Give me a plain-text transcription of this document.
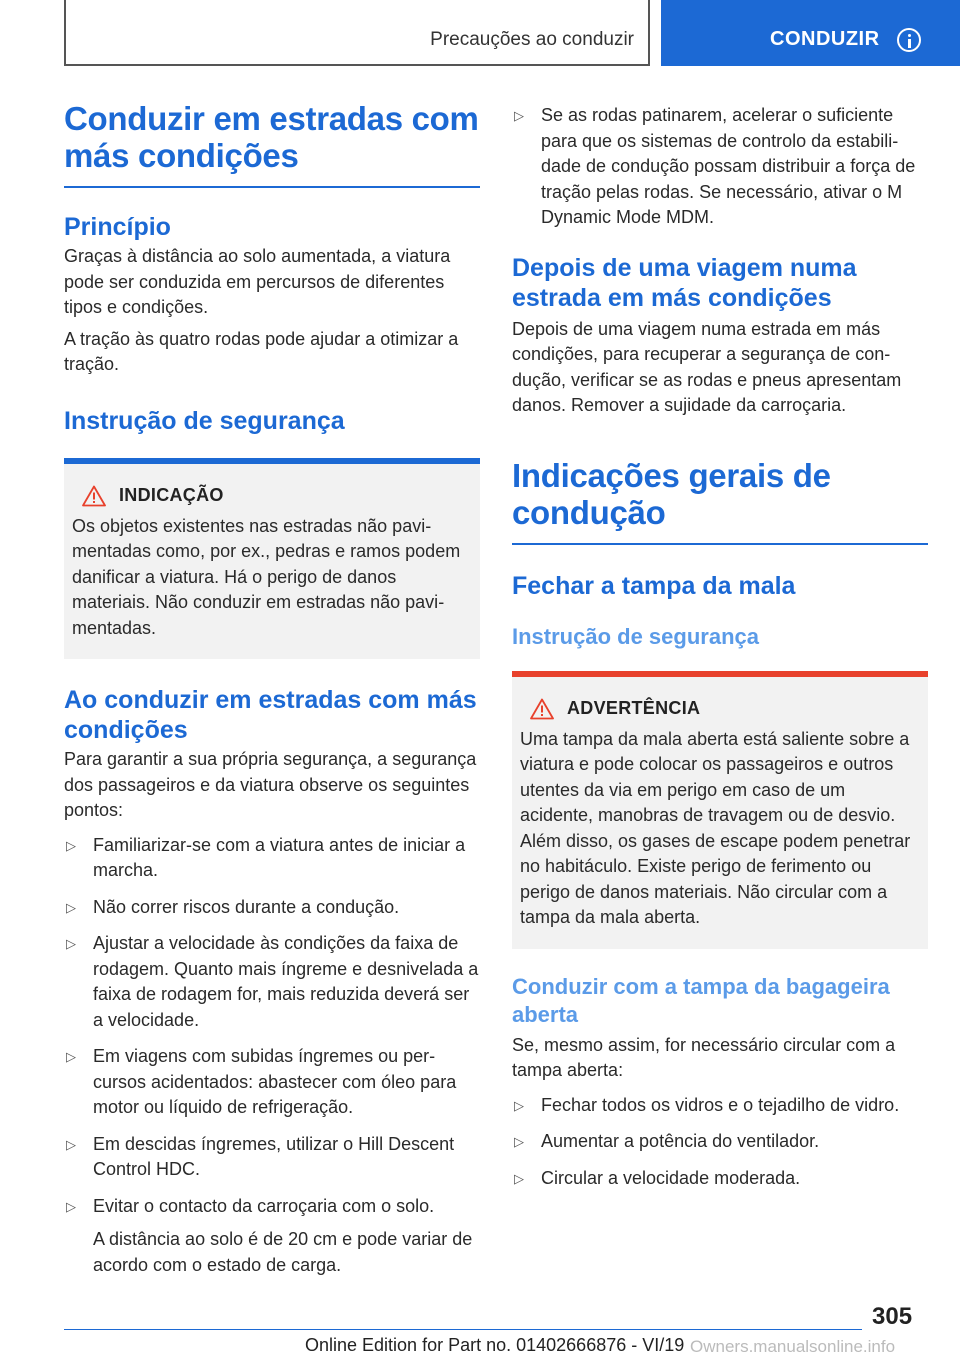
Precauções ao conduzir	CONDUZIR
Conduzir em estradas com más condições
Princípio

Graças à distância ao solo aumentada, a viatura pode ser conduzida em percursos de diferentes tipos e condições.

A tração às quatro rodas pode ajudar a otimizar a tração.

Instrução de segurança
INDICAÇÃO

Os objetos existentes nas estradas não pavimentadas como, por ex., pedras e ramos podem danificar a viatura. Há o perigo de danos materiais. Não conduzir em estradas não pavimentadas.

Ao conduzir em estradas com más condições

Para garantir a sua própria segurança, a segurança dos passageiros e da viatura observe os seguintes pontos:

▷ Familiarizar-se com a viatura antes de iniciar a marcha.
▷ Não correr riscos durante a condução.
▷ Ajustar a velocidade às condições da faixa de rodagem. Quanto mais íngreme e desnivelada a faixa de rodagem for, mais reduzida deverá ser a velocidade.
▷ Em viagens com subidas íngremes ou percursos acidentados: abastecer com óleo para motor ou líquido de refrigeração.
▷ Em descidas íngremes, utilizar o Hill Descent Control HDC.
▷ Evitar o contacto da carroçaria com o solo.
A distância ao solo é de 20 cm e pode variar de acordo com o estado de carga.
▷ Se as rodas patinarem, acelerar o suficiente para que os sistemas de controlo da estabilidade de condução possam distribuir a força de tração pelas rodas. Se necessário, ativar o M Dynamic Mode MDM.
Depois de uma viagem numa estrada em más condições

Depois de uma viagem numa estrada em más condições, para recuperar a segurança de condução, verificar se as rodas e pneus apresentam danos. Remover a sujidade da carroçaria.

Indicações gerais de condução
Fechar a tampa da mala
Instrução de segurança
ADVERTÊNCIA

Uma tampa da mala aberta está saliente sobre a viatura e pode colocar os passageiros e outros utentes da via em perigo em caso de um acidente, manobras de travagem ou de desvio. Além disso, os gases de escape podem penetrar no habitáculo. Existe perigo de ferimento ou perigo de danos materiais. Não circular com a tampa da mala aberta.

Conduzir com a tampa da bagageira aberta

Se, mesmo assim, for necessário circular com a tampa aberta:

▷ Fechar todos os vidros e o tejadilho de vidro.
▷ Aumentar a potência do ventilador.
▷ Circular a velocidade moderada.
305
Online Edition for Part no. 01402666876 - VI/19 Owners.manualsonline.info
